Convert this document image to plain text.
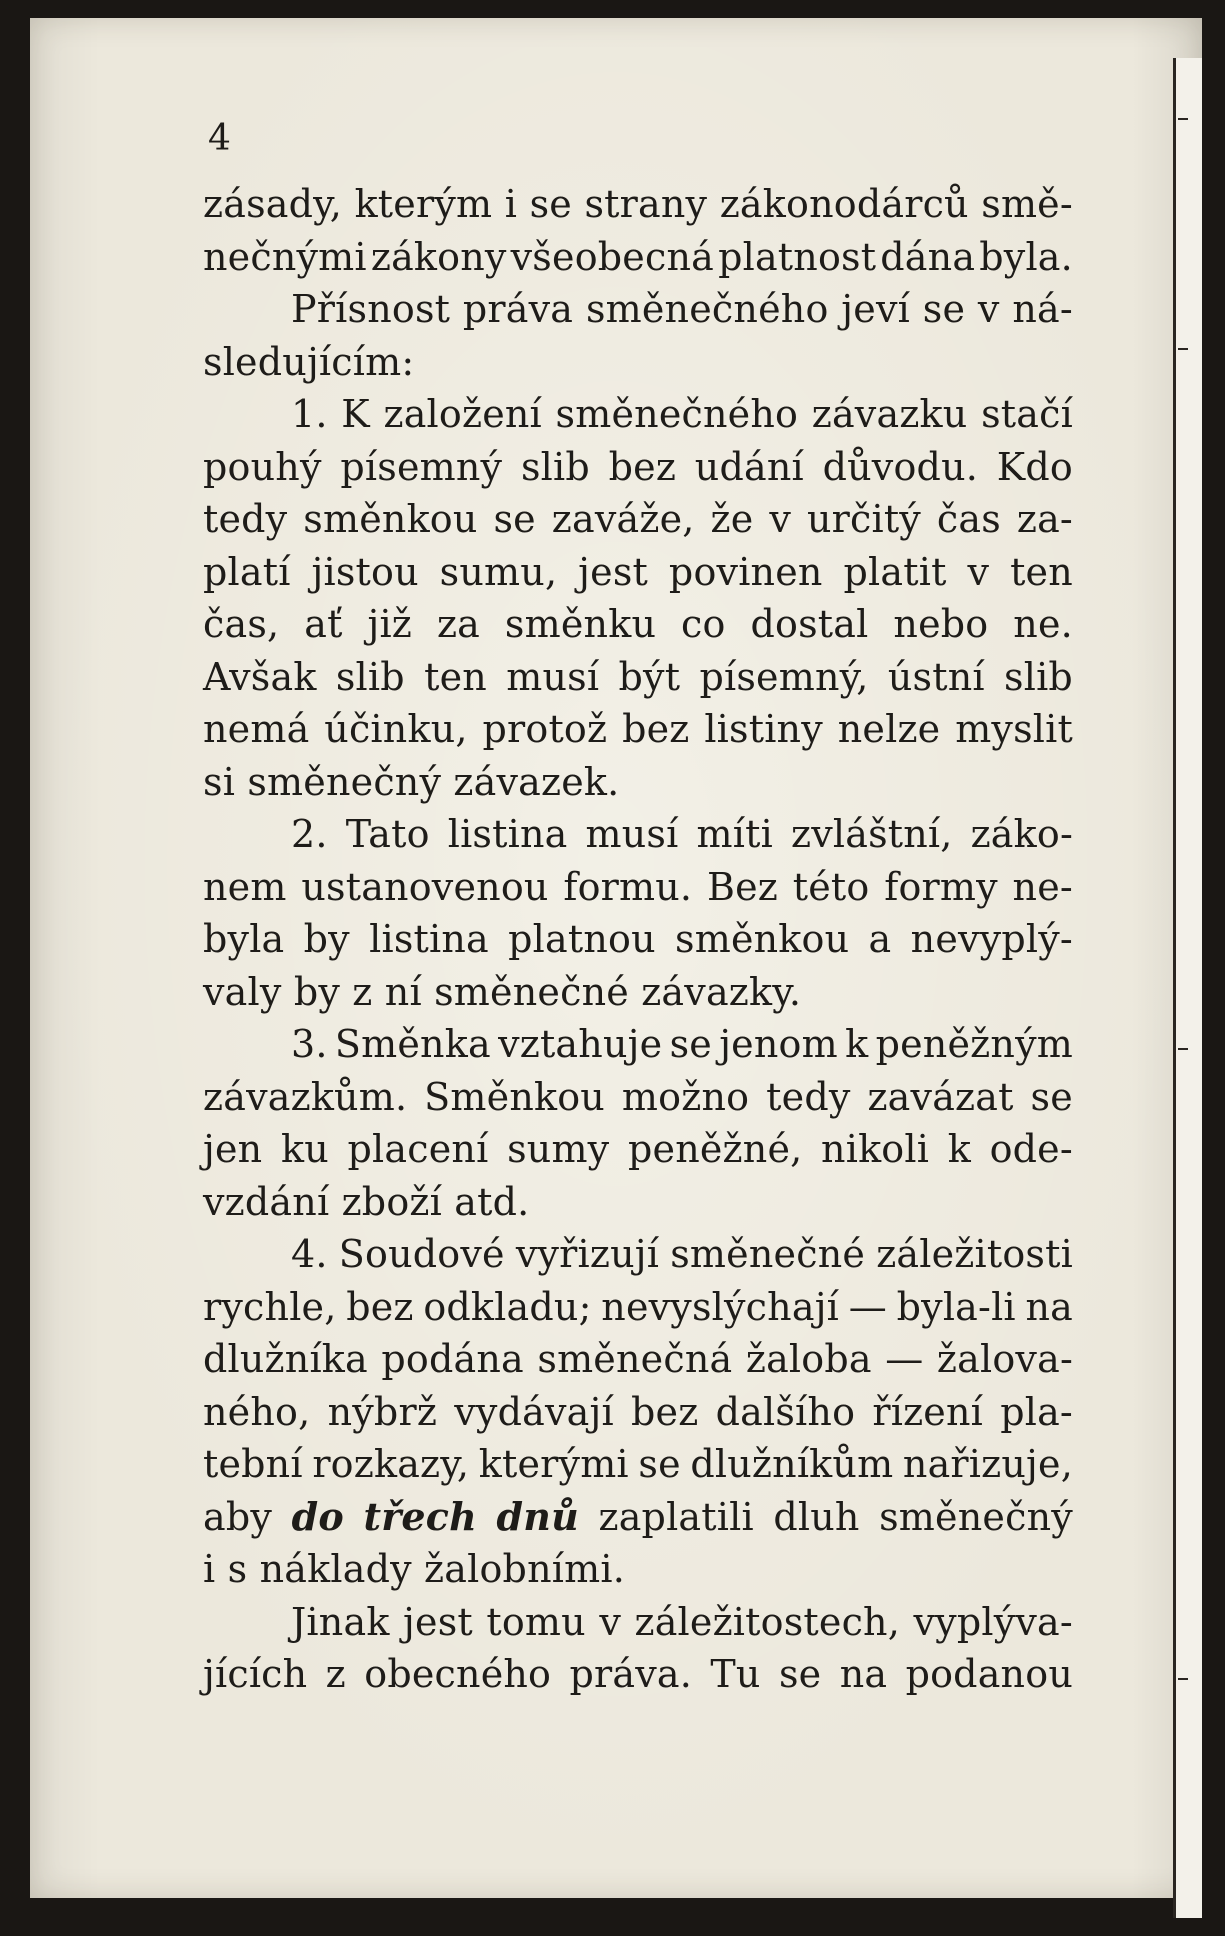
4
zásady, kterým i se strany zákonodárců smě-
nečnými zákony všeobecná platnost dána byla.
Přísnost práva směnečného jeví se v ná-
sledujícím:
1. K založení směnečného závazku stačí
pouhý písemný slib bez udání důvodu. Kdo
tedy směnkou se zaváže, že v určitý čas za-
platí jistou sumu, jest povinen platit v ten
čas, ať již za směnku co dostal nebo ne.
Avšak slib ten musí být písemný, ústní slib
nemá účinku, protož bez listiny nelze myslit
si směnečný závazek.
2. Tato listina musí míti zvláštní, záko-
nem ustanovenou formu. Bez této formy ne-
byla by listina platnou směnkou a nevyplý-
valy by z ní směnečné závazky.
3. Směnka vztahuje se jenom k peněžným
závazkům. Směnkou možno tedy zavázat se
jen ku placení sumy peněžné, nikoli k ode-
vzdání zboží atd.
4. Soudové vyřizují směnečné záležitosti
rychle, bez odkladu; nevyslýchají — byla-li na
dlužníka podána směnečná žaloba — žalova-
ného, nýbrž vydávají bez dalšího řízení pla-
tební rozkazy, kterými se dlužníkům nařizuje,
aby do třech dnů zaplatili dluh směnečný
i s náklady žalobními.
Jinak jest tomu v záležitostech, vyplýva-
jících z obecného práva. Tu se na podanou
